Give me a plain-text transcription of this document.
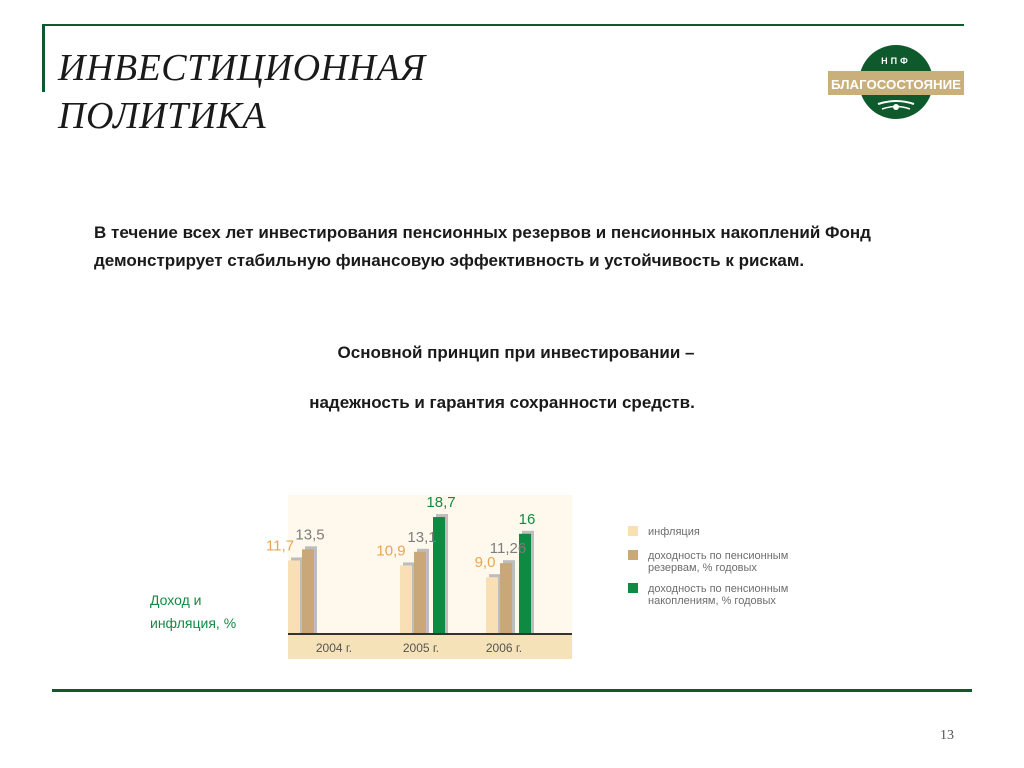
ИНВЕСТИЦИОННАЯ
ПОЛИТИКА
НПФ
БЛАГОСОСТОЯНИЕ

В течение всех лет инвестирования пенсионных резервов и пенсионных накоплений Фонд демонстрирует стабильную финансовую эффективность и устойчивость к рискам.

Основной принцип при инвестировании –

надежность и гарантия сохранности средств.

Доход и
инфляция, %
11,7	10,9
9,0
13,5	13,1
11,26
18,7
16
2004 г.	2005 г.	2006 г.
инфляция
доходность по пенсионным
резервам, % годовых
доходность по пенсионным
накоплениям, % годовых
13
